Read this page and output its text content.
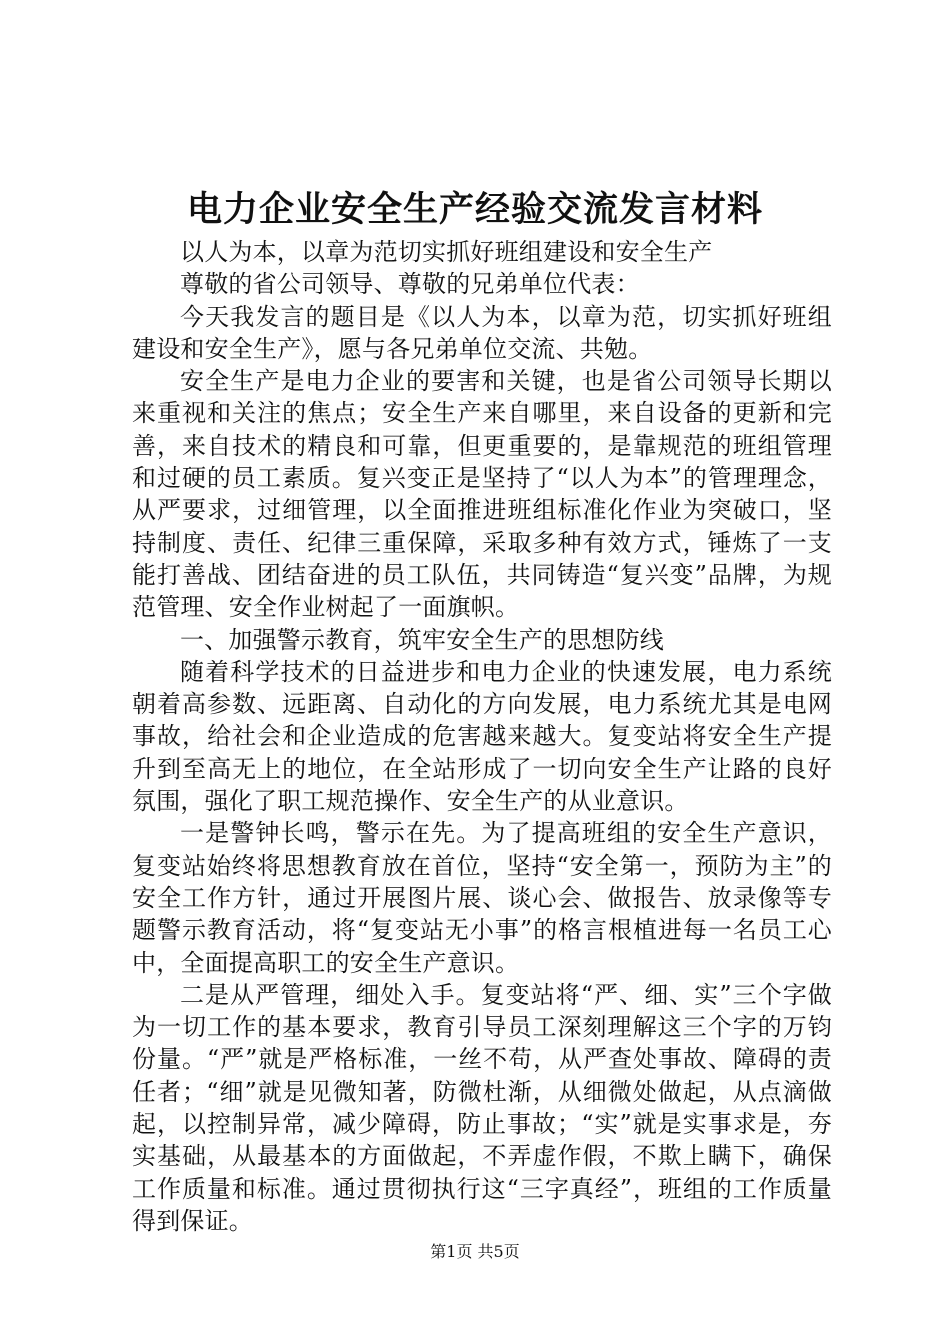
电力企业安全生产经验交流发言材料

以人为本，以章为范切实抓好班组建设和安全生产

尊敬的省公司领导、尊敬的兄弟单位代表：

今天我发言的题目是《以人为本，以章为范，切实抓好班组建设和安全生产》，愿与各兄弟单位交流、共勉。

安全生产是电力企业的要害和关键，也是省公司领导长期以来重视和关注的焦点；安全生产来自哪里，来自设备的更新和完善，来自技术的精良和可靠，但更重要的，是靠规范的班组管理和过硬的员工素质。复兴变正是坚持了“以人为本”的管理理念，从严要求，过细管理，以全面推进班组标准化作业为突破口，坚持制度、责任、纪律三重保障，采取多种有效方式，锤炼了一支能打善战、团结奋进的员工队伍，共同铸造“复兴变”品牌，为规范管理、安全作业树起了一面旗帜。

一、加强警示教育，筑牢安全生产的思想防线

随着科学技术的日益进步和电力企业的快速发展，电力系统朝着高参数、远距离、自动化的方向发展，电力系统尤其是电网事故，给社会和企业造成的危害越来越大。复变站将安全生产提升到至高无上的地位，在全站形成了一切向安全生产让路的良好氛围，强化了职工规范操作、安全生产的从业意识。

一是警钟长鸣，警示在先。为了提高班组的安全生产意识，复变站始终将思想教育放在首位，坚持“安全第一，预防为主”的安全工作方针，通过开展图片展、谈心会、做报告、放录像等专题警示教育活动，将“复变站无小事”的格言根植进每一名员工心中，全面提高职工的安全生产意识。

二是从严管理，细处入手。复变站将“严、细、实”三个字做为一切工作的基本要求，教育引导员工深刻理解这三个字的万钧份量。“严”就是严格标准，一丝不苟，从严查处事故、障碍的责任者；“细”就是见微知著，防微杜渐，从细微处做起，从点滴做起，以控制异常，减少障碍，防止事故；“实”就是实事求是，夯实基础，从最基本的方面做起，不弄虚作假，不欺上瞒下，确保工作质量和标准。通过贯彻执行这“三字真经”，班组的工作质量得到保证。

第1页 共5页
